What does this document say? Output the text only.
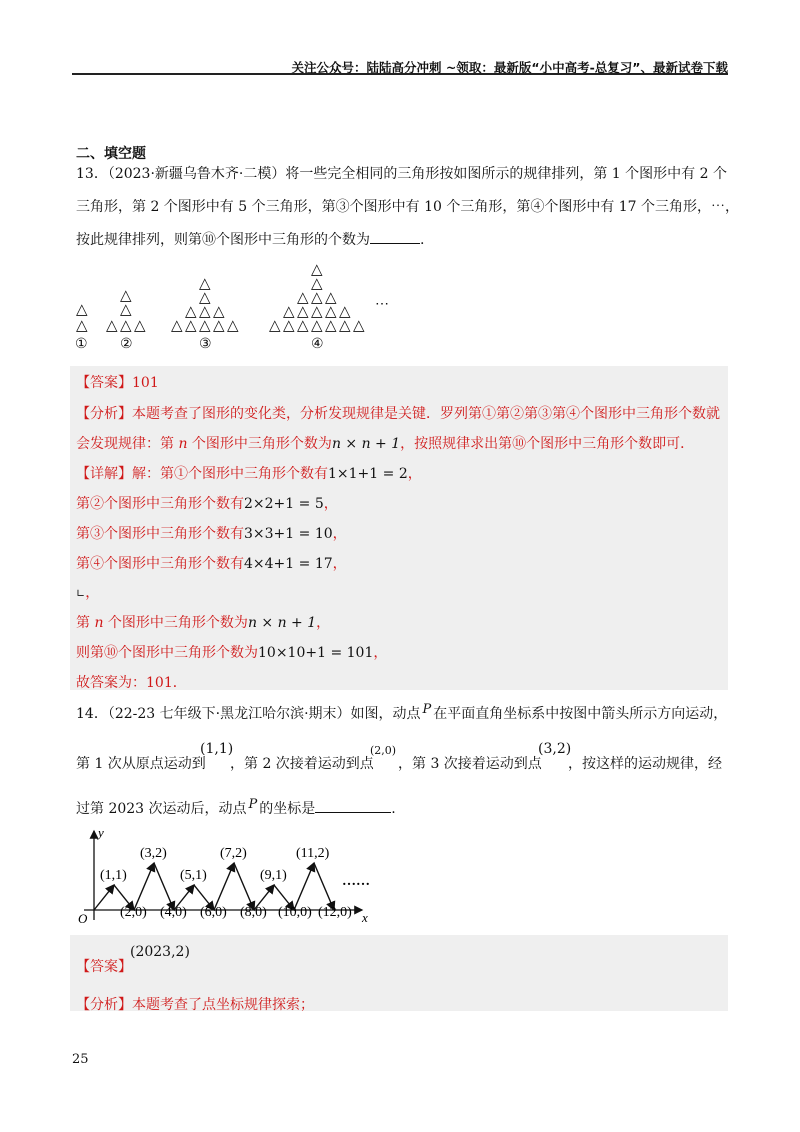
关注公众号：陆陆高分冲刺 ~领取：最新版“小中高考-总复习”、最新试卷下载
二、填空题
13．（2023·新疆乌鲁木齐·二模）将一些完全相同的三角形按如图所示的规律排列，第 1 个图形中有 2 个
三角形，第 2 个图形中有 5 个三角形，第③个图形中有 10 个三角形，第④个图形中有 17 个三角形，⋯，
按此规律排列，则第⑩个图形中三角形的个数为	.
△
△
△
△
△ △ △
△
△
△ △ △
△ △ △ △ △
△
△
△ △ △
△ △ △ △ △
△ △ △ △ △ △ △
⋯
① ②	③	④
【答案】101
【分析】本题考查了图形的变化类，分析发现规律是关键．罗列第①第②第③第④个图形中三角形个数就
会发现规律：第 n 个图形中三角形个数为n × n + 1，按照规律求出第⑩个图形中三角形个数即可．
【详解】解：第①个图形中三角形个数有1×1+1 = 2，
第②个图形中三角形个数有2×2+1 = 5，
第③个图形中三角形个数有3×3+1 = 10，
第④个图形中三角形个数有4×4+1 = 17，
∟，
第 n 个图形中三角形个数为n × n + 1，
则第⑩个图形中三角形个数为10×10+1 = 101，
故答案为：101．
14．（22-23 七年级下·黑龙江哈尔滨·期末）如图，动点 P 在平面直角坐标系中按图中箭头所示方向运动，
第 1 次从原点运动到
(1,1)
，第 2 次接着运动到点
(2,0)
，第 3 次接着运动到点
(3,2)
，按这样的运动规律，经
过第 2023 次运动后，动点 P 的坐标是	.
y
x
O
(1,1)
(3,2)
(5,1)
(7,2)
(9,1)
(11,2)
(2,0) (4,0) (6,0) (8,0) (10,0) (12,0)
……
【答案】
(2023,2)
【分析】本题考查了点坐标规律探索；
25
